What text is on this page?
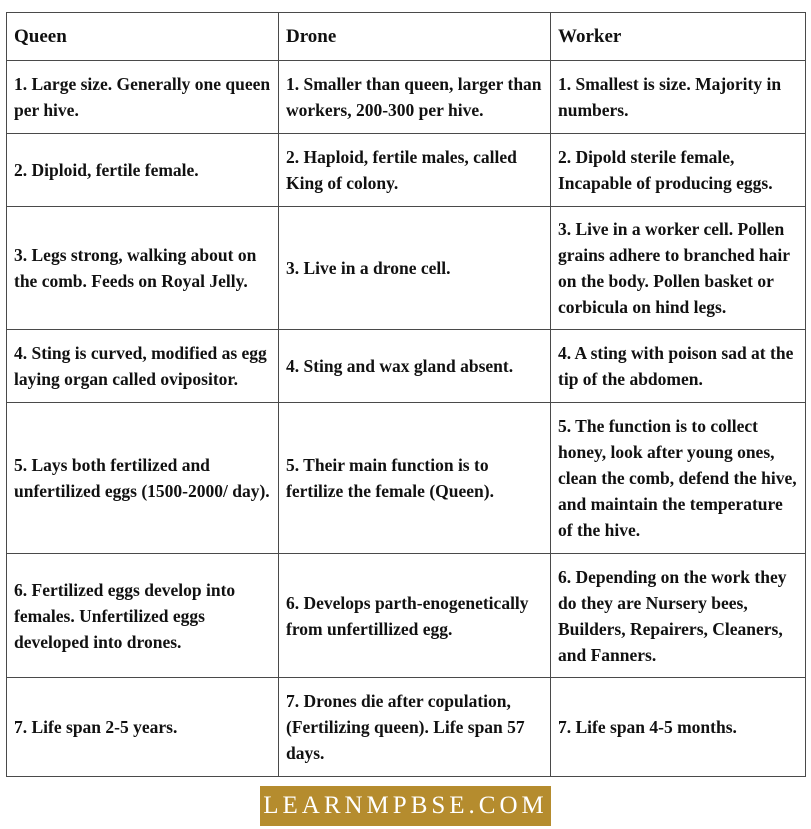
Queen	Drone	Worker
1. Large size. Generally one queen per hive.	1. Smaller than queen, larger than workers, 200-300 per hive.	1. Smallest is size. Majority in numbers.
2. Diploid, fertile female.	2. Haploid, fertile males, called King of colony.	2. Dipold sterile female, Incapable of producing eggs.
3. Legs strong, walking about on the comb. Feeds on Royal Jelly.	3. Live in a drone cell.	3. Live in a worker cell. Pollen grains adhere to branched hair on the body. Pollen basket or corbicula on hind legs.
4. Sting is curved, modified as egg laying organ called ovipositor.	4. Sting and wax gland absent.	4. A sting with poison sad at the tip of the abdomen.
5. Lays both fertilized and unfertilized eggs (1500-2000/ day).	5. Their main function is to fertilize the female (Queen).	5. The function is to collect honey, look after young ones, clean the comb, defend the hive, and maintain the temperature of the hive.
6. Fertilized eggs develop into females. Unfertilized eggs developed into drones.	6. Develops parth-enogenetically from unfertillized egg.	6. Depending on the work they do they are Nursery bees, Builders, Repairers, Cleaners, and Fanners.
7. Life span 2-5 years.	7. Drones die after copulation, (Fertilizing queen). Life span 57 days.	7. Life span 4-5 months.
LEARNMPBSE.COM
